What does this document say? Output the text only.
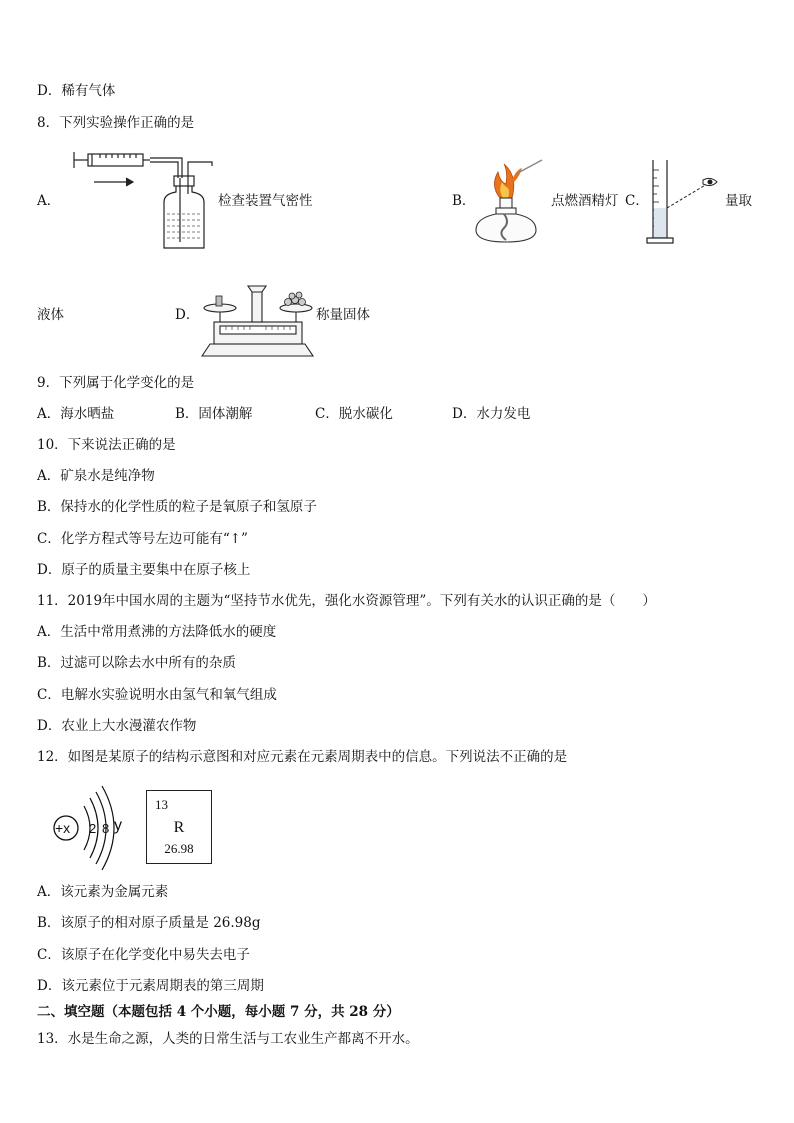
D．稀有气体
8．下列实验操作正确的是
A．	检查装置气密性	B．	点燃酒精灯 C．	量取
液体	D．	称量固体
9．下列属于化学变化的是
A．海水晒盐	B．固体潮解	C．脱水碳化	D．水力发电
10．下来说法正确的是
A．矿泉水是纯净物
B．保持水的化学性质的粒子是氧原子和氢原子
C．化学方程式等号左边可能有“↑”
D．原子的质量主要集中在原子核上
11．2019年中国水周的主题为“坚持节水优先，强化水资源管理”。下列有关水的认识正确的是（　　）
A．生活中常用煮沸的方法降低水的硬度
B．过滤可以除去水中所有的杂质
C．电解水实验说明水由氢气和氧气组成
D．农业上大水漫灌农作物
12．如图是某原子的结构示意图和对应元素在元素周期表中的信息。下列说法不正确的是
+x 2 8 y
13
R
26.98
A．该元素为金属元素
B．该原子的相对原子质量是 26.98g
C．该原子在化学变化中易失去电子
D．该元素位于元素周期表的第三周期
二、填空题（本题包括 4 个小题，每小题 7 分，共 28 分）
13．水是生命之源，人类的日常生活与工农业生产都离不开水。
